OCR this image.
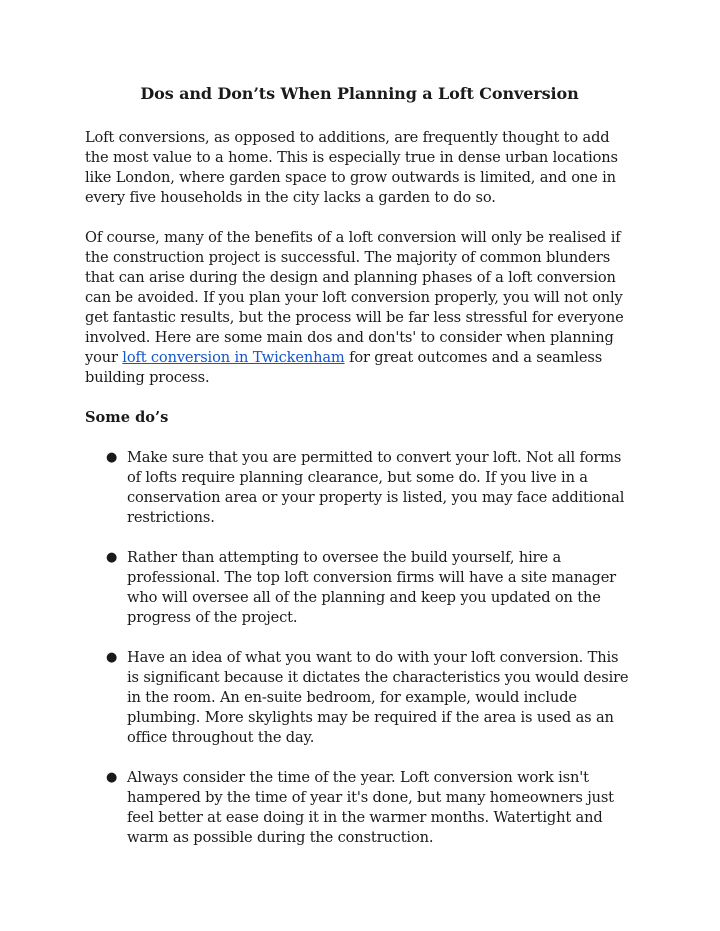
Dos and Don’ts When Planning a Loft Conversion

Loft conversions, as opposed to additions, are frequently thought to add the most value to a home. This is especially true in dense urban locations like London, where garden space to grow outwards is limited, and one in every five households in the city lacks a garden to do so.

Of course, many of the benefits of a loft conversion will only be realised if the construction project is successful. The majority of common blunders that can arise during the design and planning phases of a loft conversion can be avoided. If you plan your loft conversion properly, you will not only get fantastic results, but the process will be far less stressful for everyone involved. Here are some main dos and don'ts' to consider when planning your loft conversion in Twickenham for great outcomes and a seamless building process.

Some do’s
● Make sure that you are permitted to convert your loft. Not all forms of lofts require planning clearance, but some do. If you live in a conservation area or your property is listed, you may face additional restrictions.
● Rather than attempting to oversee the build yourself, hire a professional. The top loft conversion firms will have a site manager who will oversee all of the planning and keep you updated on the progress of the project.
● Have an idea of what you want to do with your loft conversion. This is significant because it dictates the characteristics you would desire in the room. An en-suite bedroom, for example, would include plumbing. More skylights may be required if the area is used as an office throughout the day.
● Always consider the time of the year. Loft conversion work isn't hampered by the time of year it's done, but many homeowners just feel better at ease doing it in the warmer months. Watertight and warm as possible during the construction.
